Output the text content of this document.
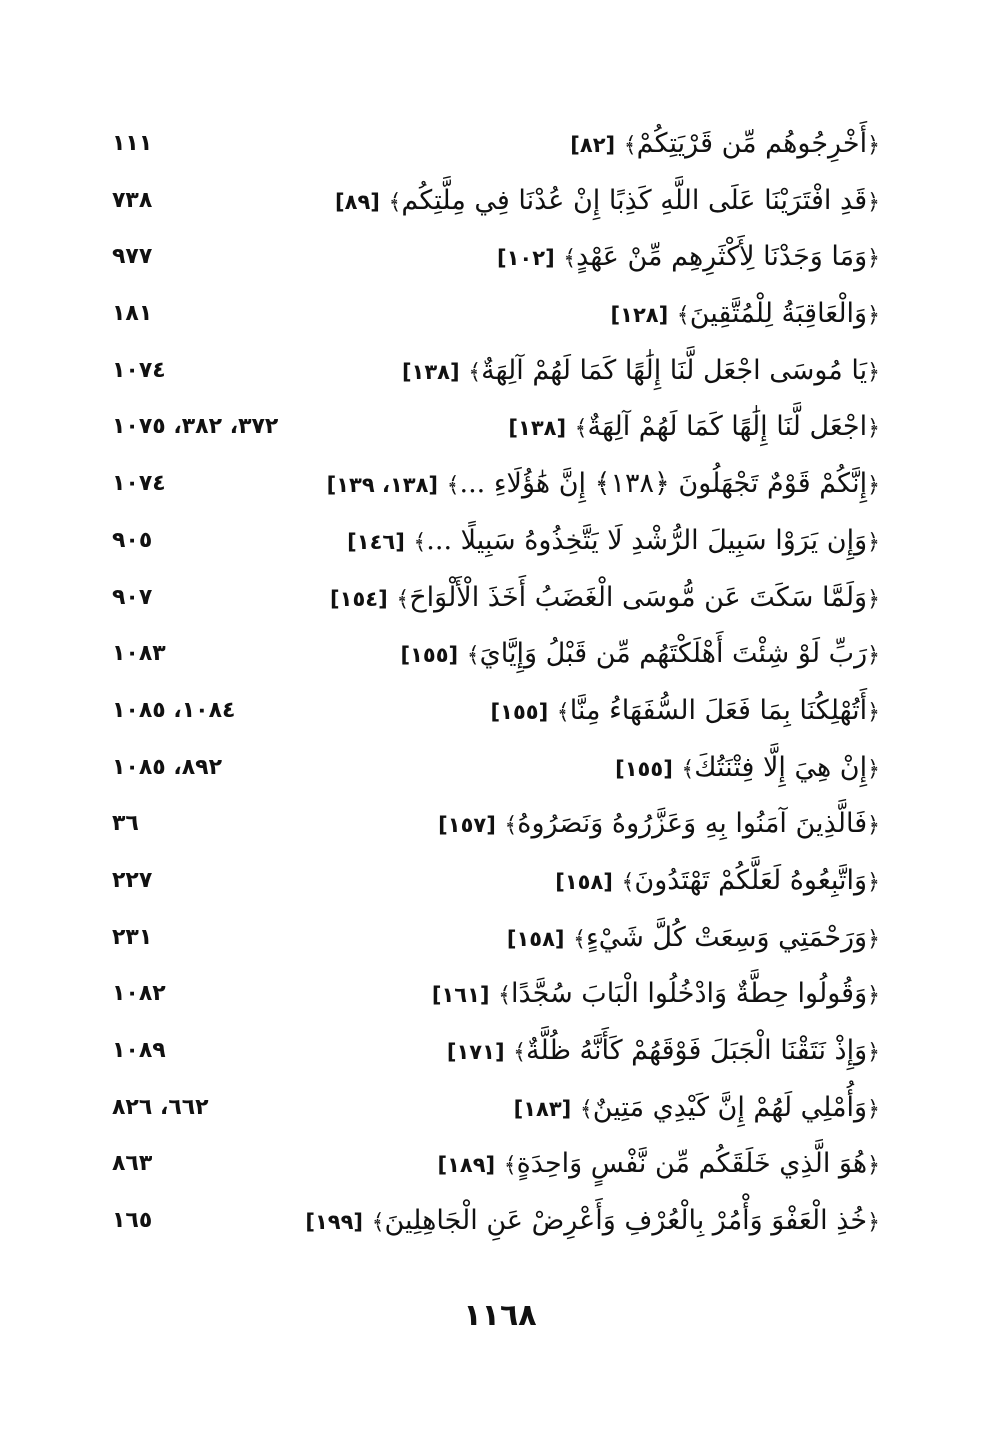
﴿أَخْرِجُوهُم مِّن قَرْيَتِكُمْ﴾ [٨٢]
١١١
﴿قَدِ افْتَرَيْنَا عَلَى اللَّهِ كَذِبًا إِنْ عُدْنَا فِي مِلَّتِكُم﴾ [٨٩]
٧٣٨
﴿وَمَا وَجَدْنَا لِأَكْثَرِهِم مِّنْ عَهْدٍ﴾ [١٠٢]
٩٧٧
﴿وَالْعَاقِبَةُ لِلْمُتَّقِينَ﴾ [١٢٨]
١٨١
﴿يَا مُوسَى اجْعَل لَّنَا إِلَٰهًا كَمَا لَهُمْ آلِهَةٌ﴾ [١٣٨]
١٠٧٤
﴿اجْعَل لَّنَا إِلَٰهًا كَمَا لَهُمْ آلِهَةٌ﴾ [١٣٨]
٣٧٢، ٣٨٢، ١٠٧٥
﴿إِنَّكُمْ قَوْمٌ تَجْهَلُونَ ﴿١٣٨﴾ إِنَّ هَٰؤُلَاءِ ...﴾ [١٣٨، ١٣٩]
١٠٧٤
﴿وَإِن يَرَوْا سَبِيلَ الرُّشْدِ لَا يَتَّخِذُوهُ سَبِيلًا ...﴾ [١٤٦]
٩٠٥
﴿وَلَمَّا سَكَتَ عَن مُّوسَى الْغَضَبُ أَخَذَ الْأَلْوَاحَ﴾ [١٥٤]
٩٠٧
﴿رَبِّ لَوْ شِئْتَ أَهْلَكْتَهُم مِّن قَبْلُ وَإِيَّايَ﴾ [١٥٥]
١٠٨٣
﴿أَتُهْلِكُنَا بِمَا فَعَلَ السُّفَهَاءُ مِنَّا﴾ [١٥٥]
١٠٨٤، ١٠٨٥
﴿إِنْ هِيَ إِلَّا فِتْنَتُكَ﴾ [١٥٥]
٨٩٢، ١٠٨٥
﴿فَالَّذِينَ آمَنُوا بِهِ وَعَزَّرُوهُ وَنَصَرُوهُ﴾ [١٥٧]
٣٦
﴿وَاتَّبِعُوهُ لَعَلَّكُمْ تَهْتَدُونَ﴾ [١٥٨]
٢٢٧
﴿وَرَحْمَتِي وَسِعَتْ كُلَّ شَيْءٍ﴾ [١٥٨]
٢٣١
﴿وَقُولُوا حِطَّةٌ وَادْخُلُوا الْبَابَ سُجَّدًا﴾ [١٦١]
١٠٨٢
﴿وَإِذْ نَتَقْنَا الْجَبَلَ فَوْقَهُمْ كَأَنَّهُ ظُلَّةٌ﴾ [١٧١]
١٠٨٩
﴿وَأُمْلِي لَهُمْ إِنَّ كَيْدِي مَتِينٌ﴾ [١٨٣]
٦٦٢، ٨٢٦
﴿هُوَ الَّذِي خَلَقَكُم مِّن نَّفْسٍ وَاحِدَةٍ﴾ [١٨٩]
٨٦٣
﴿خُذِ الْعَفْوَ وَأْمُرْ بِالْعُرْفِ وَأَعْرِضْ عَنِ الْجَاهِلِينَ﴾ [١٩٩]
١٦٥
١١٦٨
